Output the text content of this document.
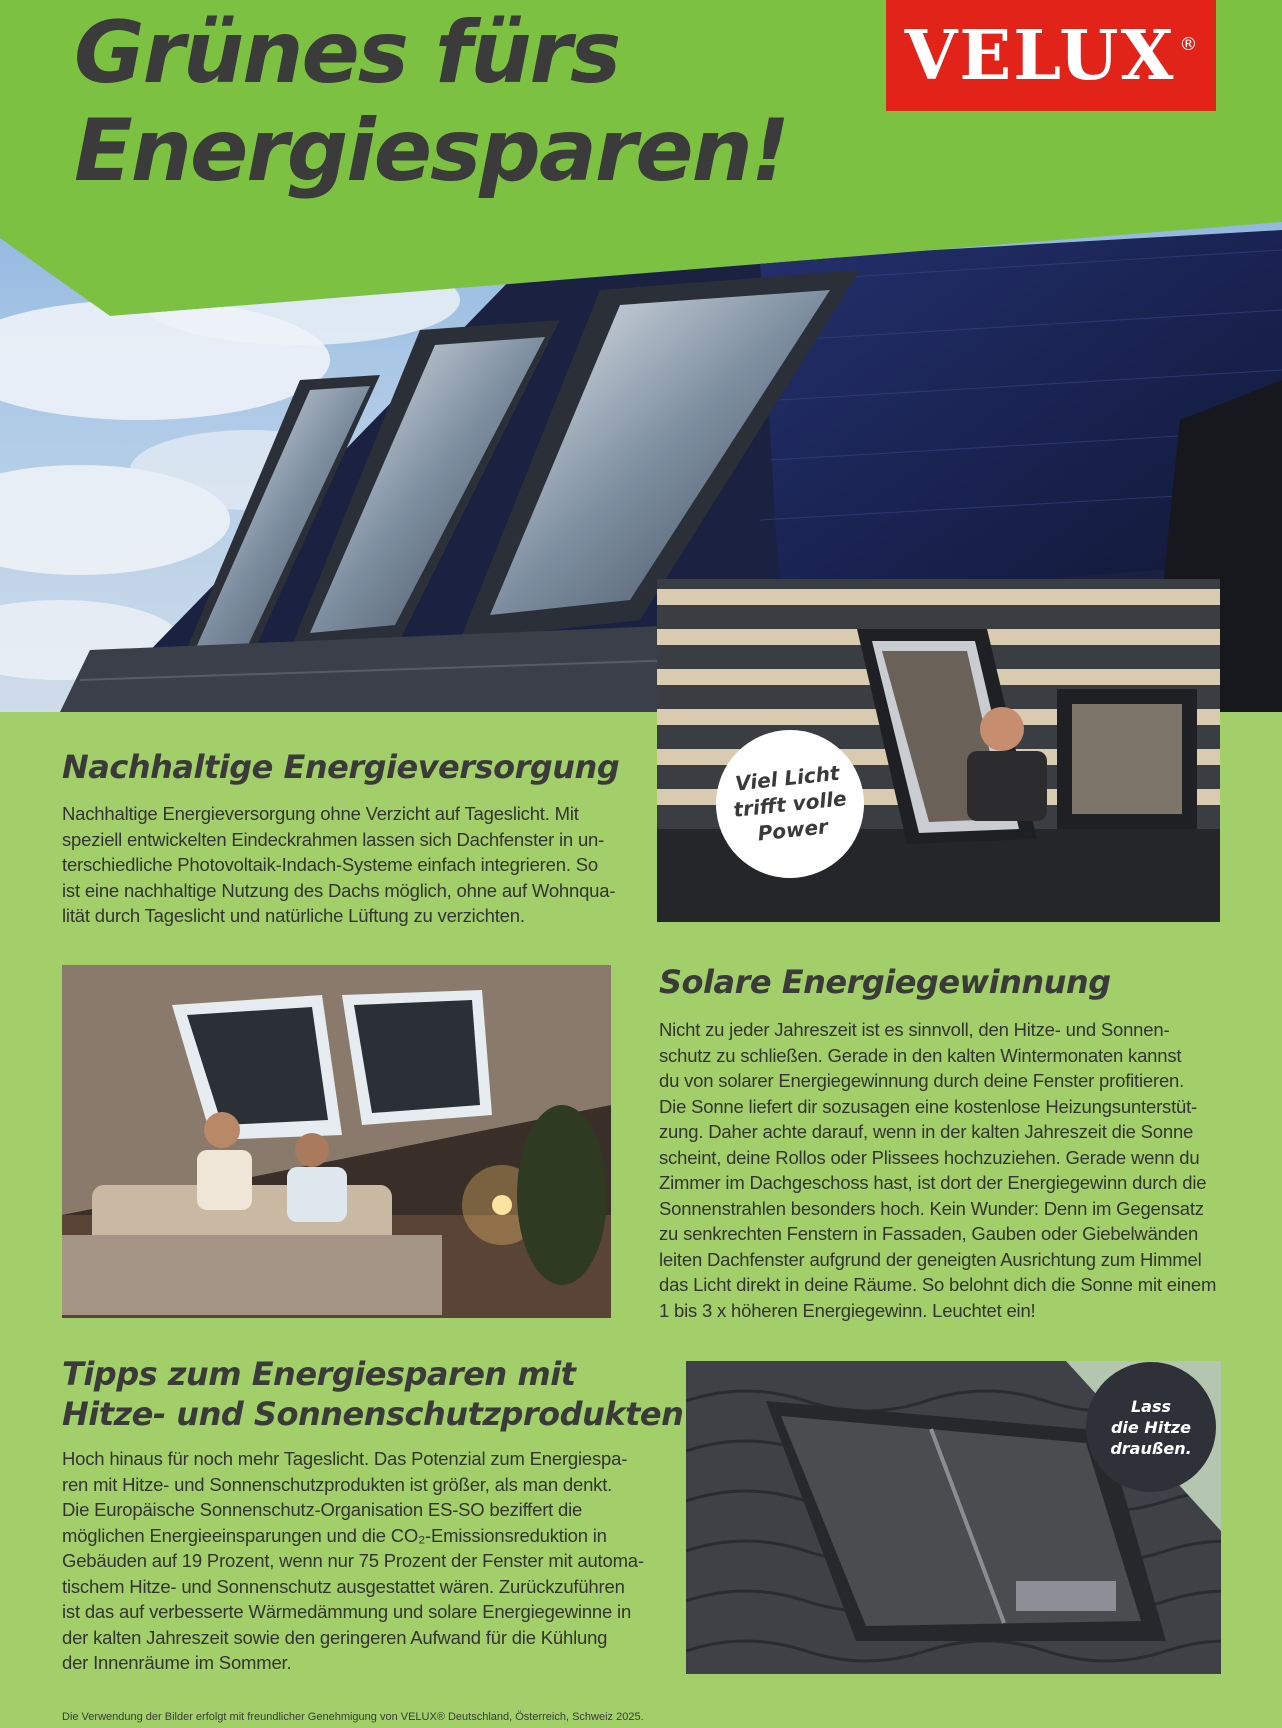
Grünes fürs
Energiesparen!
VELUX ®
Viel Licht
trifft volle
Power
Nachhaltige Energieversorgung
Nachhaltige Energieversorgung ohne Verzicht auf Tageslicht. Mit
speziell entwickelten Eindeckrahmen lassen sich Dachfenster in un-
terschiedliche Photovoltaik-Indach-Systeme einfach integrieren. So
ist eine nachhaltige Nutzung des Dachs möglich, ohne auf Wohnqua-
lität durch Tageslicht und natürliche Lüftung zu verzichten.
Solare Energiegewinnung
Nicht zu jeder Jahreszeit ist es sinnvoll, den Hitze- und Sonnen-
schutz zu schließen. Gerade in den kalten Wintermonaten kannst
du von solarer Energiegewinnung durch deine Fenster profitieren.
Die Sonne liefert dir sozusagen eine kostenlose Heizungsunterstüt-
zung. Daher achte darauf, wenn in der kalten Jahreszeit die Sonne
scheint, deine Rollos oder Plissees hochzuziehen. Gerade wenn du
Zimmer im Dachgeschoss hast, ist dort der Energiegewinn durch die
Sonnenstrahlen besonders hoch. Kein Wunder: Denn im Gegensatz
zu senkrechten Fenstern in Fassaden, Gauben oder Giebelwänden
leiten Dachfenster aufgrund der geneigten Ausrichtung zum Himmel
das Licht direkt in deine Räume. So belohnt dich die Sonne mit einem
1 bis 3 x höheren Energiegewinn. Leuchtet ein!
Tipps zum Energiesparen mit
Hitze- und Sonnenschutzprodukten
Hoch hinaus für noch mehr Tageslicht. Das Potenzial zum Energiespa-
ren mit Hitze- und Sonnenschutzprodukten ist größer, als man denkt.
Die Europäische Sonnenschutz-Organisation ES-SO beziffert die
möglichen Energieeinsparungen und die CO₂-Emissionsreduktion in
Gebäuden auf 19 Prozent, wenn nur 75 Prozent der Fenster mit automa-
tischem Hitze- und Sonnenschutz ausgestattet wären. Zurückzuführen
ist das auf verbesserte Wärmedämmung und solare Energiegewinne in
der kalten Jahreszeit sowie den geringeren Aufwand für die Kühlung
der Innenräume im Sommer.
Lass
die Hitze
draußen.
Die Verwendung der Bilder erfolgt mit freundlicher Genehmigung von VELUX® Deutschland, Österreich, Schweiz 2025.
